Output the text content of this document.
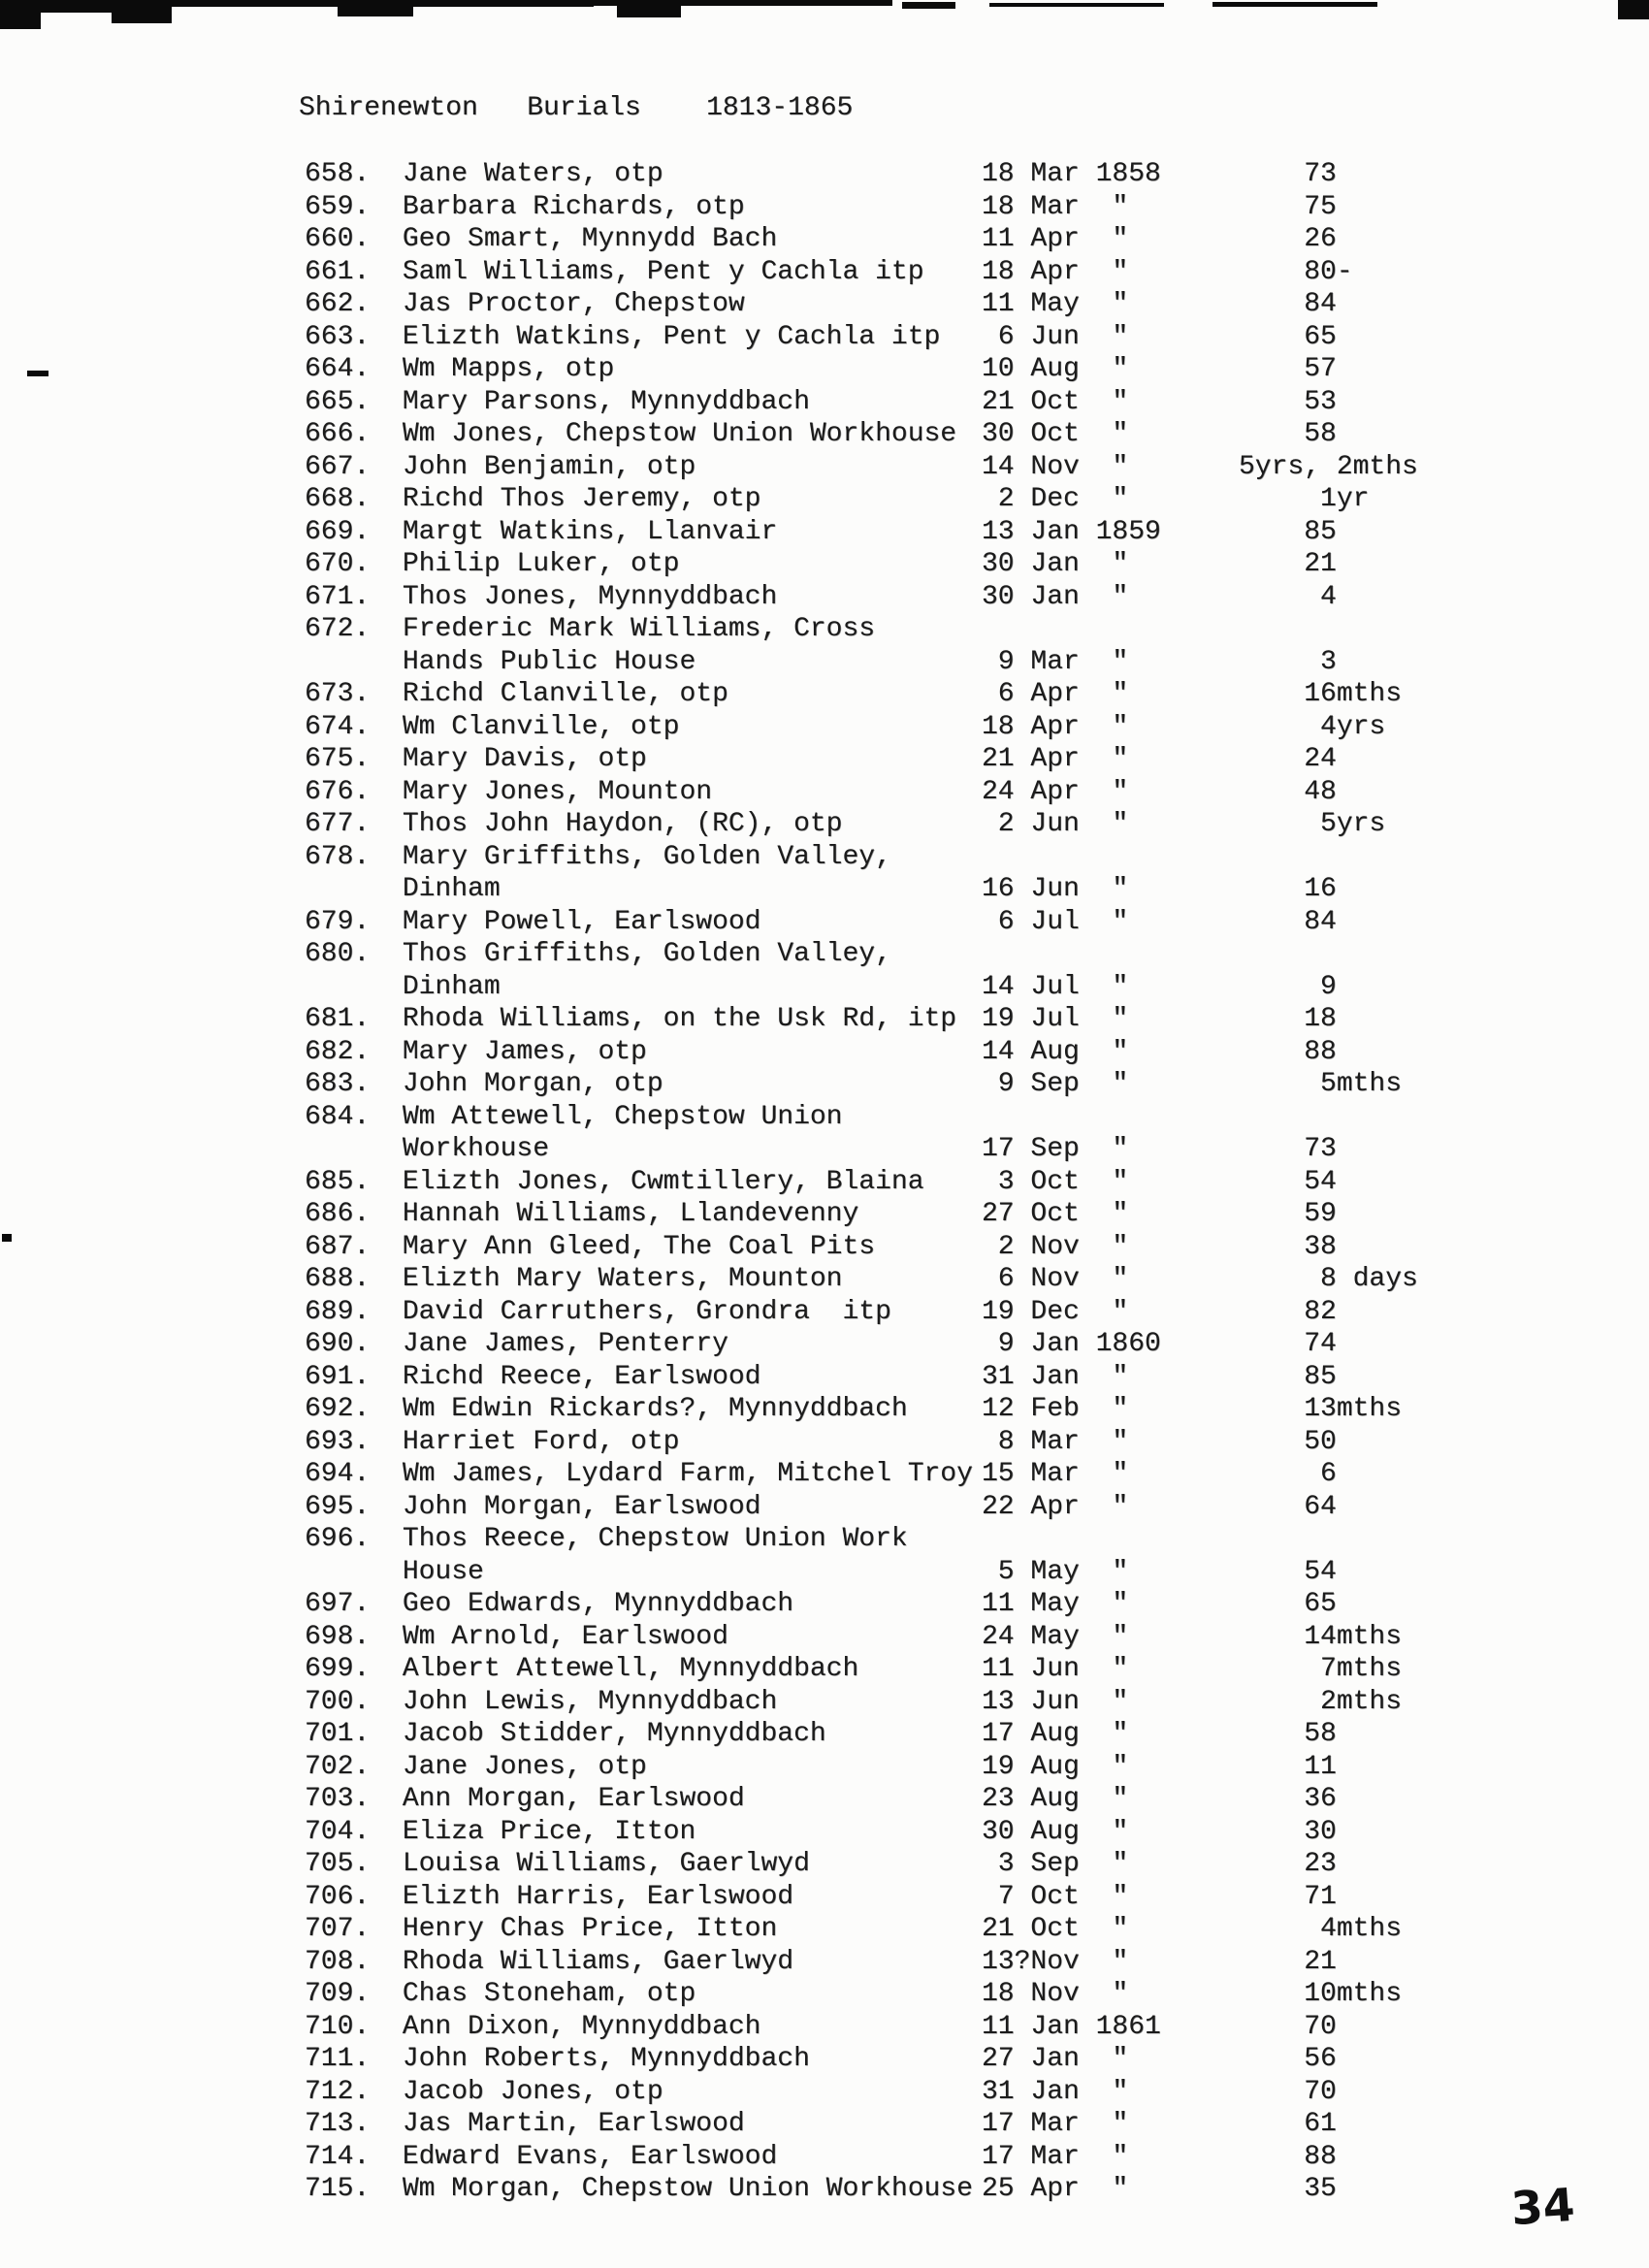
Shirenewton   Burials    1813-1865
658. Jane Waters, otp	18 Mar 1858	73
659. Barbara Richards, otp	18 Mar  "	75
660. Geo Smart, Mynnydd Bach	11 Apr  "	26
661. Saml Williams, Pent y Cachla itp 18 Apr  "	80-
662. Jas Proctor, Chepstow	11 May  "	84
663. Elizth Watkins, Pent y Cachla itp 6 Jun  "	65
664. Wm Mapps, otp	10 Aug  "	57
665. Mary Parsons, Mynnyddbach	21 Oct  "	53
666. Wm Jones, Chepstow Union Workhouse 30 Oct  "	58
667. John Benjamin, otp	14 Nov  "	5yrs, 2mths
668. Richd Thos Jeremy, otp	2 Dec  "	1yr
669. Margt Watkins, Llanvair	13 Jan 1859	85
670. Philip Luker, otp	30 Jan  "	21
671. Thos Jones, Mynnyddbach	30 Jan  "	4
672. Frederic Mark Williams, Cross
Hands Public House	9 Mar  "	3
673. Richd Clanville, otp	6 Apr  "	16mths
674. Wm Clanville, otp	18 Apr  "	4yrs
675. Mary Davis, otp	21 Apr  "	24
676. Mary Jones, Mounton	24 Apr  "	48
677. Thos John Haydon, (RC), otp	2 Jun  "	5yrs
678. Mary Griffiths, Golden Valley,
Dinham	16 Jun  "	16
679. Mary Powell, Earlswood	6 Jul  "	84
680. Thos Griffiths, Golden Valley,
Dinham	14 Jul  "	9
681. Rhoda Williams, on the Usk Rd, itp 19 Jul  "	18
682. Mary James, otp	14 Aug  "	88
683. John Morgan, otp	9 Sep  "	5mths
684. Wm Attewell, Chepstow Union
Workhouse	17 Sep  "	73
685. Elizth Jones, Cwmtillery, Blaina 3 Oct  "	54
686. Hannah Williams, Llandevenny	27 Oct  "	59
687. Mary Ann Gleed, The Coal Pits	2 Nov  "	38
688. Elizth Mary Waters, Mounton	6 Nov  "	8 days
689. David Carruthers, Grondra  itp	19 Dec  "	82
690. Jane James, Penterry	9 Jan 1860	74
691. Richd Reece, Earlswood	31 Jan  "	85
692. Wm Edwin Rickards?, Mynnyddbach	12 Feb  "	13mths
693. Harriet Ford, otp	8 Mar  "	50
694. Wm James, Lydard Farm, Mitchel Troy 15 Mar  "	6
695. John Morgan, Earlswood	22 Apr  "	64
696. Thos Reece, Chepstow Union Work
House	5 May  "	54
697. Geo Edwards, Mynnyddbach	11 May  "	65
698. Wm Arnold, Earlswood	24 May  "	14mths
699. Albert Attewell, Mynnyddbach	11 Jun  "	7mths
700. John Lewis, Mynnyddbach	13 Jun  "	2mths
701. Jacob Stidder, Mynnyddbach	17 Aug  "	58
702. Jane Jones, otp	19 Aug  "	11
703. Ann Morgan, Earlswood	23 Aug  "	36
704. Eliza Price, Itton	30 Aug  "	30
705. Louisa Williams, Gaerlwyd	3 Sep  "	23
706. Elizth Harris, Earlswood	7 Oct  "	71
707. Henry Chas Price, Itton	21 Oct  "	4mths
708. Rhoda Williams, Gaerlwyd	13?Nov  "	21
709. Chas Stoneham, otp	18 Nov  "	10mths
710. Ann Dixon, Mynnyddbach	11 Jan 1861	70
711. John Roberts, Mynnyddbach	27 Jan  "	56
712. Jacob Jones, otp	31 Jan  "	70
713. Jas Martin, Earlswood	17 Mar  "	61
714. Edward Evans, Earlswood	17 Mar  "	88
715. Wm Morgan, Chepstow Union Workhouse 25 Apr  "	35	34
